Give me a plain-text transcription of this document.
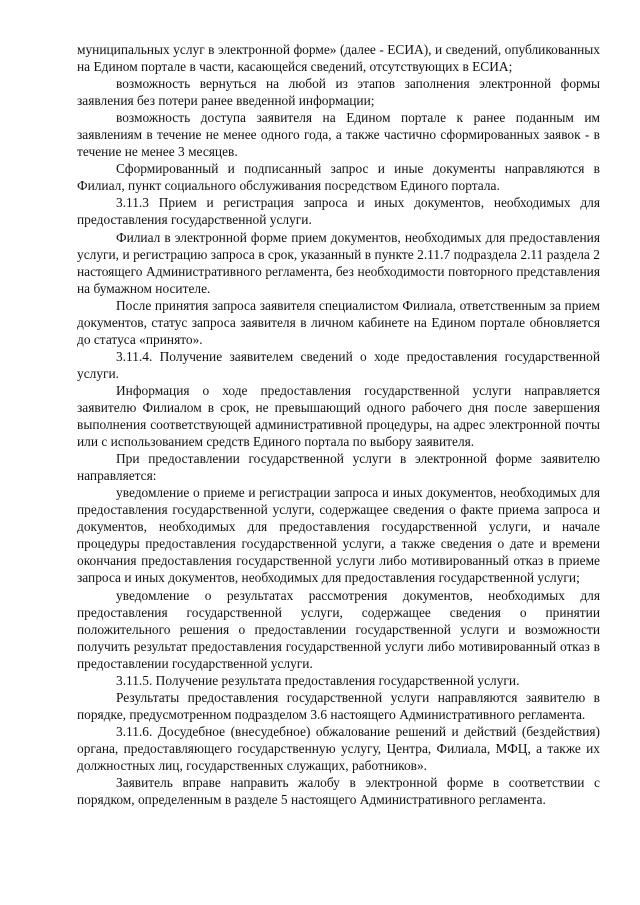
муниципальных услуг в электронной форме» (далее - ЕСИА), и сведений, опубликованных на Едином портале в части, касающейся сведений, отсутствующих в ЕСИА;

возможность вернуться на любой из этапов заполнения электронной формы заявления без потери ранее введенной информации;

возможность доступа заявителя на Едином портале к ранее поданным им заявлениям в течение не менее одного года, а также частично сформированных заявок - в течение не менее 3 месяцев.

Сформированный и подписанный запрос и иные документы направляются в Филиал, пункт социального обслуживания посредством Единого портала.

3.11.3 Прием и регистрация запроса и иных документов, необходимых для предоставления государственной услуги.

Филиал в электронной форме прием документов, необходимых для предоставления услуги, и регистрацию запроса в срок, указанный в пункте 2.11.7 подраздела 2.11 раздела 2 настоящего Административного регламента, без необходимости повторного представления на бумажном носителе.

После принятия запроса заявителя специалистом Филиала, ответственным за прием документов, статус запроса заявителя в личном кабинете на Едином портале обновляется до статуса «принято».

3.11.4. Получение заявителем сведений о ходе предоставления государственной услуги.

Информация о ходе предоставления государственной услуги направляется заявителю Филиалом в срок, не превышающий одного рабочего дня после завершения выполнения соответствующей административной процедуры, на адрес электронной почты или с использованием средств Единого портала по выбору заявителя.

При предоставлении государственной услуги в электронной форме заявителю направляется:

уведомление о приеме и регистрации запроса и иных документов, необходимых для предоставления государственной услуги, содержащее сведения о факте приема запроса и документов, необходимых для предоставления государственной услуги, и начале процедуры предоставления государственной услуги, а также сведения о дате и времени окончания предоставления государственной услуги либо мотивированный отказ в приеме запроса и иных документов, необходимых для предоставления государственной услуги;

уведомление о результатах рассмотрения документов, необходимых для предоставления государственной услуги, содержащее сведения о принятии положительного решения о предоставлении государственной услуги и возможности получить результат предоставления государственной услуги либо мотивированный отказ в предоставлении государственной услуги.

3.11.5. Получение результата предоставления государственной услуги.

Результаты предоставления государственной услуги направляются заявителю в порядке, предусмотренном подразделом 3.6 настоящего Административного регламента.

3.11.6. Досудебное (внесудебное) обжалование решений и действий (бездействия) органа, предоставляющего государственную услугу, Центра, Филиала, МФЦ, а также их должностных лиц, государственных служащих, работников».

Заявитель вправе направить жалобу в электронной форме в соответствии с порядком, определенным в разделе 5 настоящего Административного регламента.
